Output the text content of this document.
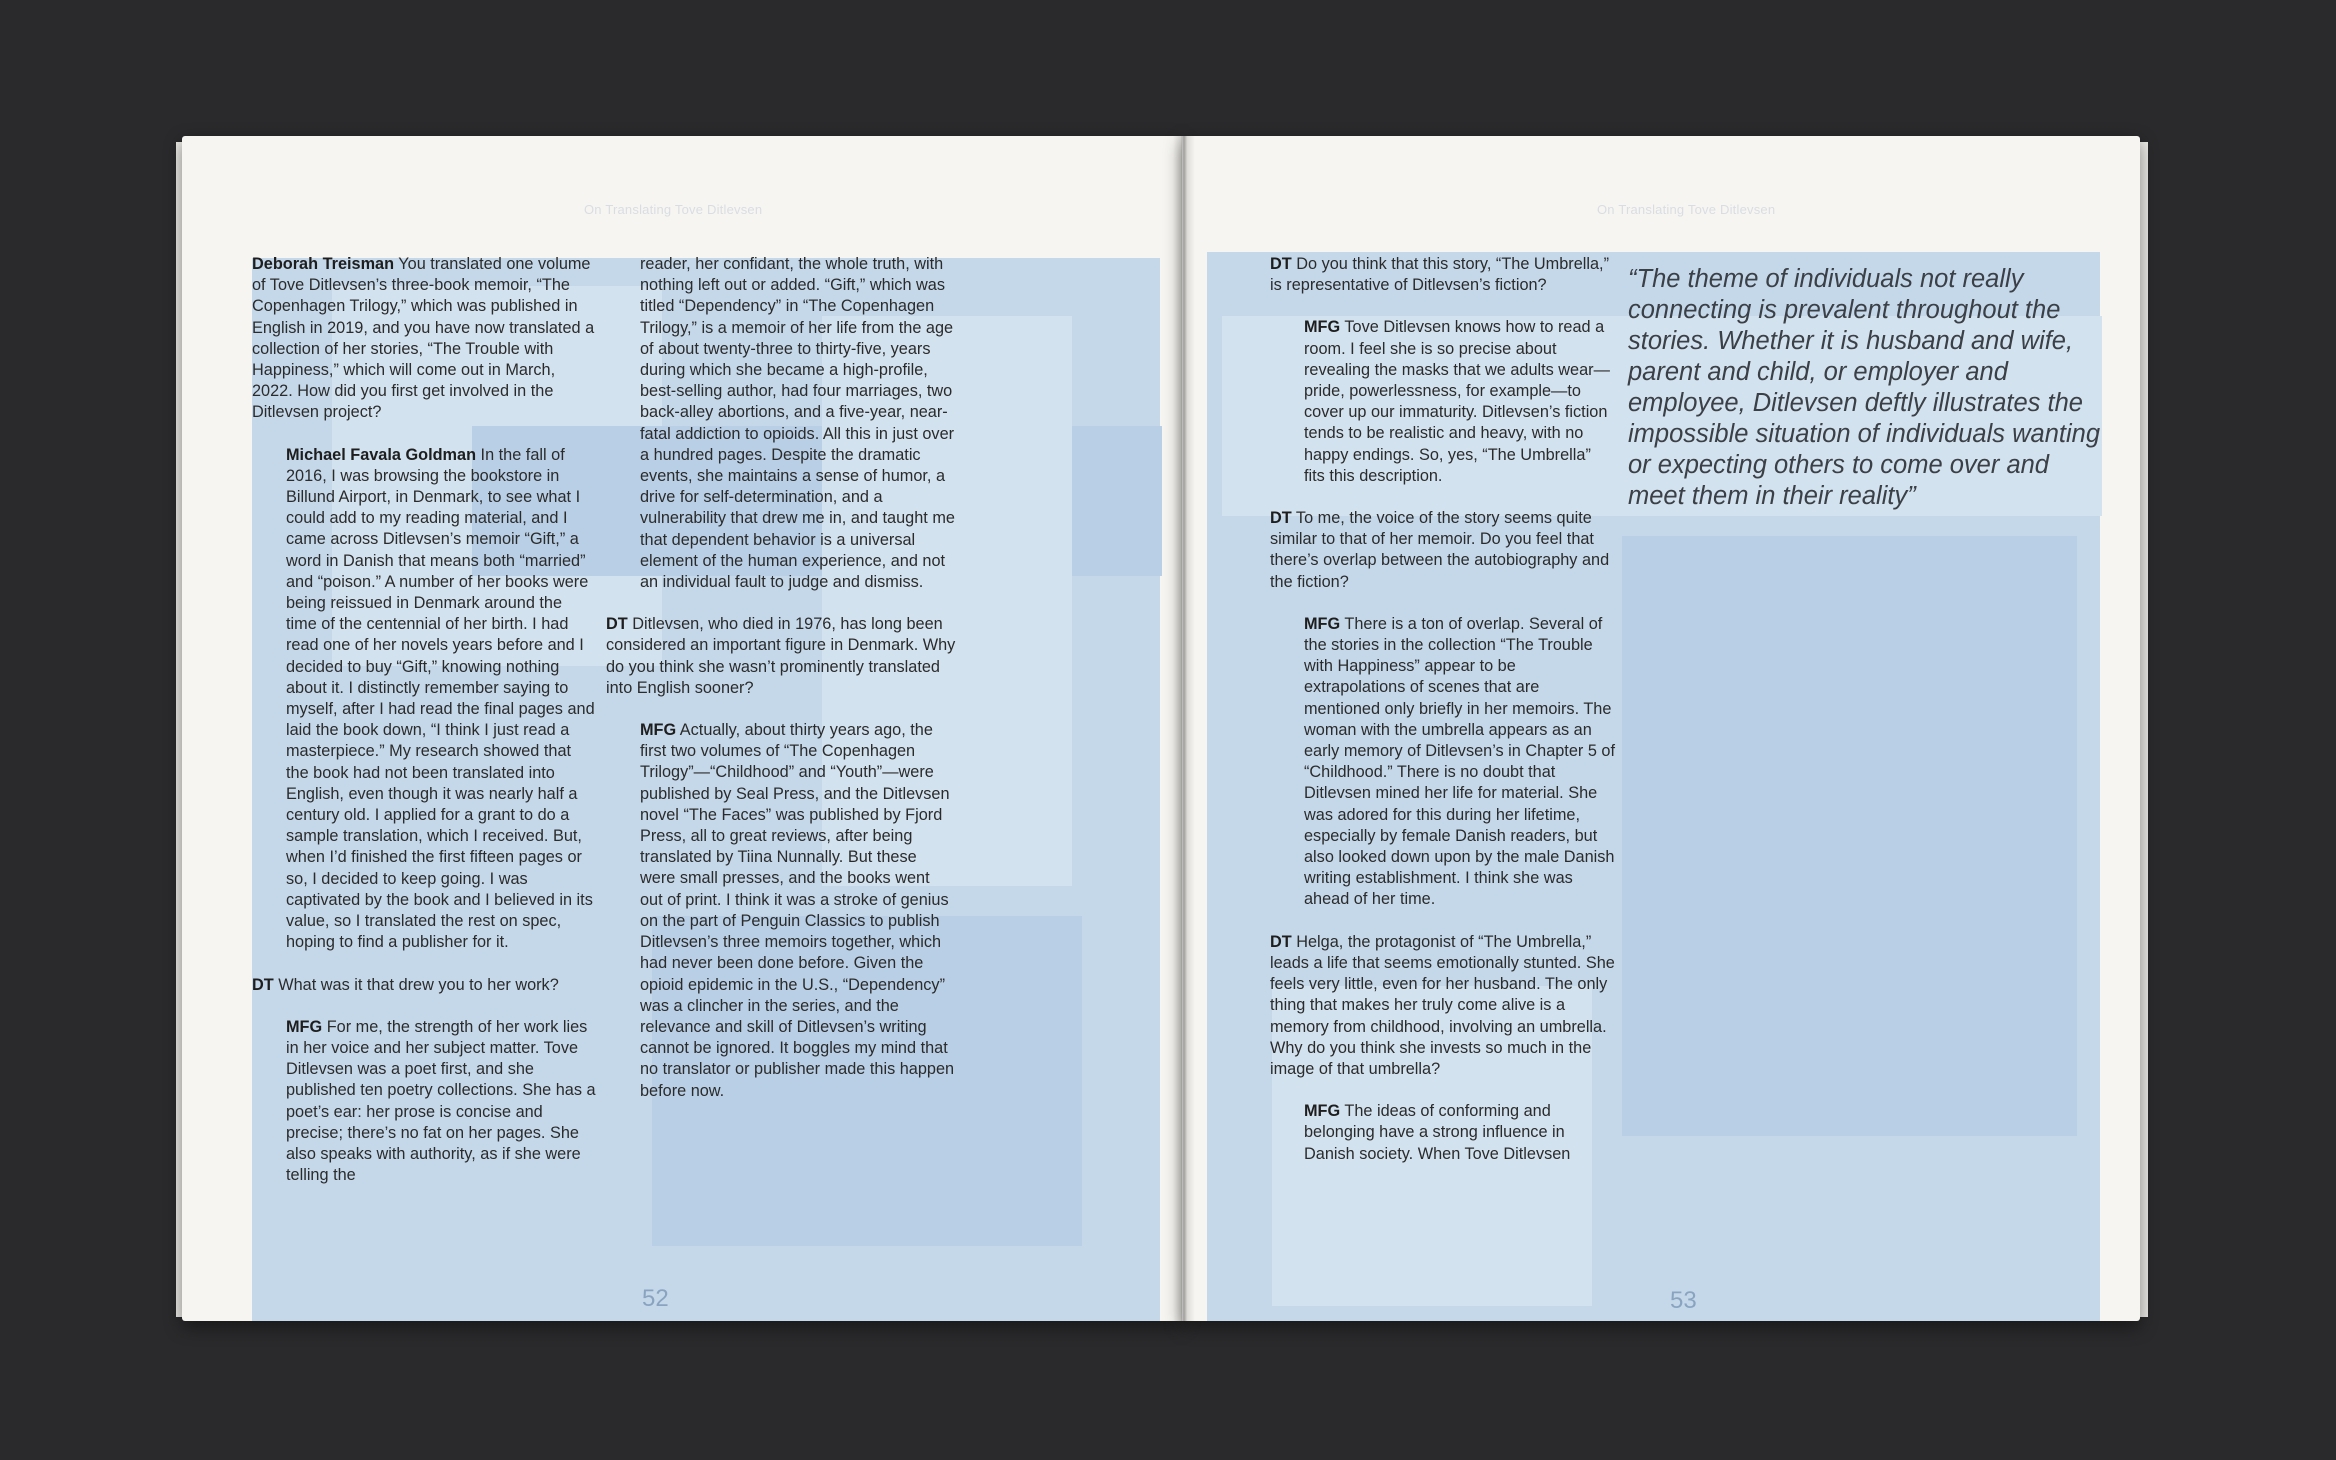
On Translating Tove Ditlevsen

Deborah Treisman You translated one volume of Tove Ditlevsen’s three-book memoir, “The Copenhagen Trilogy,” which was published in English in 2019, and you have now translated a collection of her stories, “The Trouble with Happiness,” which will come out in March, 2022. How did you first get involved in the Ditlevsen project?

Michael Favala Goldman In the fall of 2016, I was browsing the bookstore in Billund Airport, in Denmark, to see what I could add to my reading material, and I came across Ditlevsen’s memoir “Gift,” a word in Danish that means both “married” and “poison.” A number of her books were being reissued in Denmark around the time of the centennial of her birth. I had read one of her novels years before and I decided to buy “Gift,” knowing nothing about it. I distinctly remember saying to myself, after I had read the final pages and laid the book down, “I think I just read a masterpiece.” My research showed that the book had not been translated into English, even though it was nearly half a century old. I applied for a grant to do a sample translation, which I received. But, when I’d finished the first fifteen pages or so, I decided to keep going. I was captivated by the book and I believed in its value, so I translated the rest on spec, hoping to find a publisher for it.

DT What was it that drew you to her work?

MFG For me, the strength of her work lies in her voice and her subject matter. Tove Ditlevsen was a poet first, and she published ten poetry collections. She has a poet’s ear: her prose is concise and precise; there’s no fat on her pages. She also speaks with authority, as if she were telling the

reader, her confidant, the whole truth, with nothing left out or added. “Gift,” which was titled “Dependency” in “The Copenhagen Trilogy,” is a memoir of her life from the age of about twenty-three to thirty-five, years during which she became a high-profile, best-selling author, had four marriages, two back-alley abortions, and a five-year, near-fatal addiction to opioids. All this in just over a hundred pages. Despite the dramatic events, she maintains a sense of humor, a drive for self-determination, and a vulnerability that drew me in, and taught me that dependent behavior is a universal element of the human experience, and not an individual fault to judge and dismiss.

DT Ditlevsen, who died in 1976, has long been considered an important figure in Denmark. Why do you think she wasn’t prominently translated into English sooner?

MFG Actually, about thirty years ago, the first two volumes of “The Copenhagen Trilogy”—“Childhood” and “Youth”—were published by Seal Press, and the Ditlevsen novel “The Faces” was published by Fjord Press, all to great reviews, after being translated by Tiina Nunnally. But these were small presses, and the books went out of print. I think it was a stroke of genius on the part of Penguin Classics to publish Ditlevsen’s three memoirs together, which had never been done before. Given the opioid epidemic in the U.S., “Dependency” was a clincher in the series, and the relevance and skill of Ditlevsen’s writing cannot be ignored. It boggles my mind that no translator or publisher made this happen before now.

52
On Translating Tove Ditlevsen

DT Do you think that this story, “The Umbrella,” is representative of Ditlevsen’s fiction?

MFG Tove Ditlevsen knows how to read a room. I feel she is so precise about revealing the masks that we adults wear—pride, powerlessness, for example—to cover up our immaturity. Ditlevsen’s fiction tends to be realistic and heavy, with no happy endings. So, yes, “The Umbrella” fits this description.

DT To me, the voice of the story seems quite similar to that of her memoir. Do you feel that there’s overlap between the autobiography and the fiction?

MFG There is a ton of overlap. Several of the stories in the collection “The Trouble with Happiness” appear to be extrapolations of scenes that are mentioned only briefly in her memoirs. The woman with the umbrella appears as an early memory of Ditlevsen’s in Chapter 5 of “Childhood.” There is no doubt that Ditlevsen mined her life for material. She was adored for this during her lifetime, especially by female Danish readers, but also looked down upon by the male Danish writing establishment. I think she was ahead of her time.

DT Helga, the protagonist of “The Umbrella,” leads a life that seems emotionally stunted. She feels very little, even for her husband. The only thing that makes her truly come alive is a memory from childhood, involving an umbrella. Why do you think she invests so much in the image of that umbrella?

MFG The ideas of conforming and belonging have a strong influence in Danish society. When Tove Ditlevsen

“The theme of individuals not really connecting is prevalent throughout the stories. Whether it is husband and wife, parent and child, or employer and employee, Ditlevsen deftly illustrates the impossible situation of individuals wanting or expecting others to come over and meet them in their reality”
53
